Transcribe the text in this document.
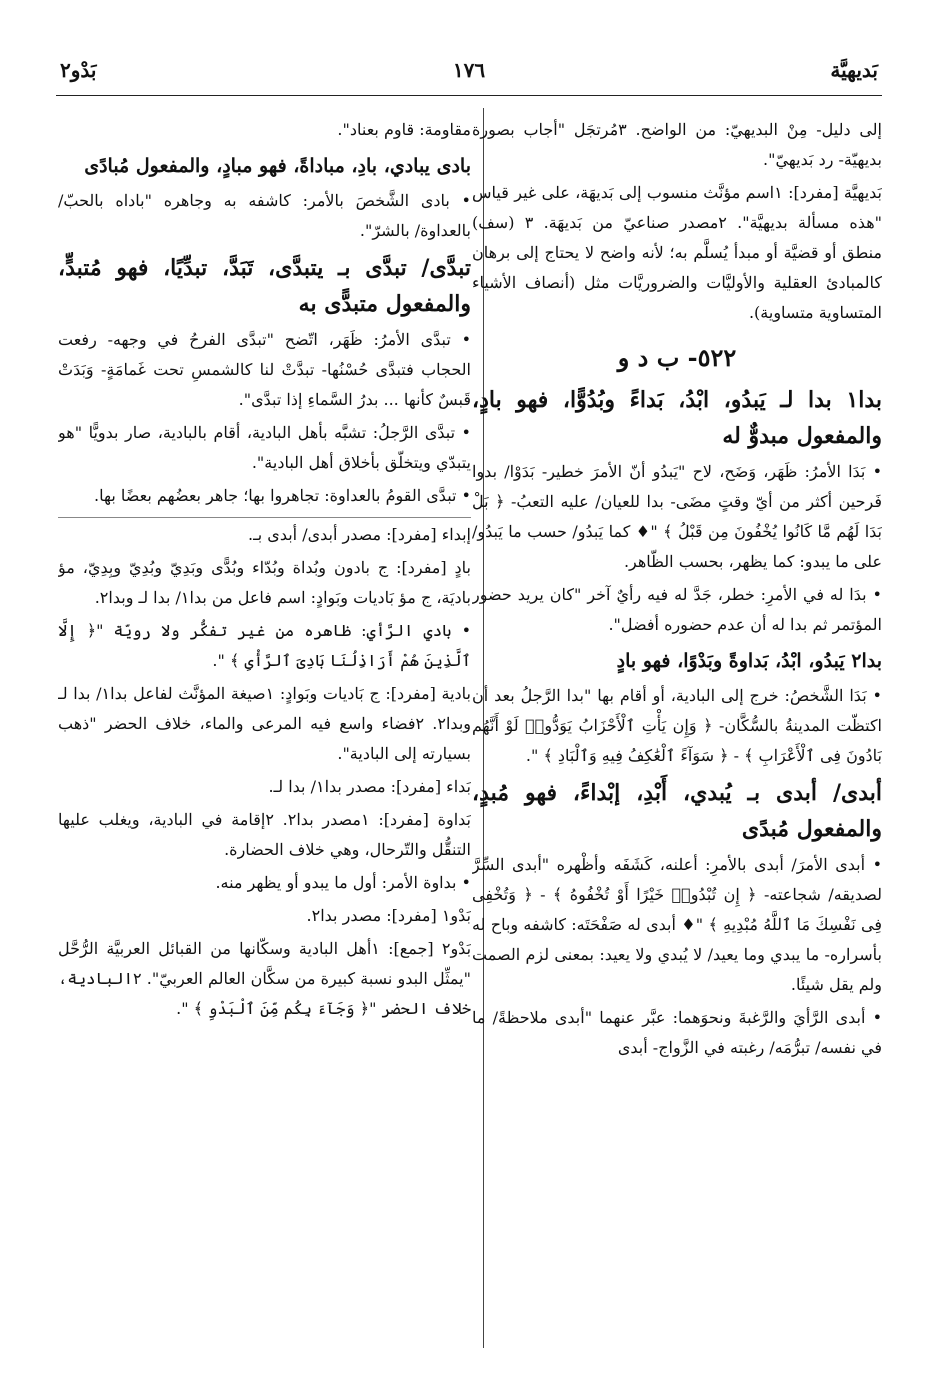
بَديهيَّة
١٧٦
بَدْو٢

إلى دليل- مِنْ البديهيّ: من الواضح. ٣مُرتجَل "أجاب بصورة بديهيّة- رد بَديهيّ".

بَديهيَّة [مفرد]: ١اسم مؤنَّث منسوب إلى بَديهَة، على غير قياس "هذه مسألة بديهيَّة". ٢مصدر صناعيّ من بَديهَة. ٣ (سف) منطق أو قضيَّة أو مبدأ يُسلَّم به؛ لأنه واضح لا يحتاج إلى برهان كالمبادئ العقلية والأوليَّات والضروريَّات مثل (أنصاف الأشياء المتساوية متساوية).

٥٢٢- ب د و

بدا١ بدا لـ يَبدُو، ابْدُ، بَداءً وبُدُوًّا، فهو بادٍ، والمفعول مبدوٌّ له

• بَدَا الأمرُ: ظَهَر، وَضَح، لاح "يَبدُو أنّ الأمرَ خطير- بَدَوْا/ بدوا فَرحين أكثر من أيّ وقتٍ مضَى- بدا للعيان/ عليه التعبُ- ﴿ بَلْ بَدَا لَهُم مَّا كَانُوا يُخْفُونَ مِن قَبْلُ ﴾ "♦ كما يَبدُو/ حسب ما يَبدُو/ على ما يبدو: كما يظهر، بحسب الظّاهر.

• بدَا له في الأمرِ: خطر، جَدَّ له فيه رأيٌ آخر "كان يريد حضور المؤتمر ثم بدا له أن عدم حضوره أفضل".

بدا٢ يَبدُو، ابْدُ، بَداوةً وبَدْوًا، فهو بادٍ

• بَدَا الشَّخصُ: خرج إلى البادية، أو أقام بها "بدا الرَّجلُ بعد أن اكتظّت المدينةُ بالسُّكَّان- ﴿ وَإِن يَأْتِ ٱلْأَحْزَابُ يَوَدُّوا۟ لَوْ أَنَّهُم بَادُونَ فِى ٱلْأَعْرَابِ ﴾ - ﴿ سَوَآءً ٱلْعَٰكِفُ فِيهِ وَٱلْبَادِ ﴾ ".

أبدى/ أبدى بـ يُبدي، أَبْدِ، إبْداءً، فهو مُبدٍ، والمفعول مُبدًى

• أبدى الأمرَ/ أبدى بالأمرِ: أعلنه، كَشَفَه وأظْهره "أبدى السِّرَّ لصديقه/ شجاعته- ﴿ إِن تُبْدُوا۟ خَيْرًا أَوْ تُخْفُوهُ ﴾ - ﴿ وَتُخْفِى فِى نَفْسِكَ مَا ٱللَّهُ مُبْدِيهِ ﴾ "♦ أبدى له صَفْحَتَه: كاشفه وباح له بأسراره- ما يبدي وما يعيد/ لا يُبدي ولا يعيد: بمعنى لزم الصمت ولم يقل شيئًا.

• أبدى الرَّأيَ والرَّغبةَ ونحوَهما: عبَّر عنهما "أبدى ملاحظةً/ ما في نفسه/ تبرُّمَه/ رغبته في الزَّواج- أبدى

مقاومة: قاوم بعناد".

بادى يبادي، بادِ، مباداةً، فهو مبادٍ، والمفعول مُبادًى

• بادى الشَّخصَ بالأمر: كاشفه به وجاهره "باداه بالحبّ/ بالعداوة/ بالشرّ".

تبدَّى/ تبدَّى بـ يتبدَّى، تَبَدَّ، تبدِّيًا، فهو مُتبدٍّ، والمفعول متبدًّى به

• تبدَّى الأمرُ: ظَهَر، اتّضح "تبدَّى الفرحُ في وجهه- رفعت الحجاب فتبدَّى حُسْنُها- تبدَّتْ لنا كالشمسِ تحت غَمامَةٍ- وَبَدَتْ قَبسٌ كأنها ... بدرُ السَّماءِ إذا تبدَّى".

• تبدَّى الرَّجلُ: تشبَّه بأهل البادية، أقام بالبادية، صار بدويًّا "هو يتبدّي ويتخلّق بأخلاق أهل البادية".

• تبدَّى القومُ بالعداوة: تجاهروا بها؛ جاهر بعضُهم بعضًا بها.

إبداء [مفرد]: مصدر أبدى/ أبدى بـ.

بادٍ [مفرد]: ج بادون وبُداة وبُدّاء وبُدًّى وبَدِيّ وبُدِيّ وبِدِيّ، مؤ باديَة، ج مؤ بَاديات وبَوادٍ: اسم فاعل من بدا١/ بدا لـ وبدا٢.

• بادي الرَّأي: ظاهره من غير تفكُّر ولا رويّة "﴿ إِلَّا ٱلَّذِينَ هُمْ أَرَاذِلُنَا بَادِىَ ٱلرَّأْىِ ﴾ ".

بادية [مفرد]: ج بَاديات وبَوادٍ: ١صيغة المؤنَّث لفاعل بدا١/ بدا لـ وبدا٢. ٢فضاء واسع فيه المرعى والماء، خلاف الحضر "ذهب بسيارته إلى البادية".

بَداء [مفرد]: مصدر بدا١/ بدا لـ.

بَداوة [مفرد]: ١مصدر بدا٢. ٢إقامة في البادية، ويغلب عليها التنقُّل والتّرحال، وهي خلاف الحضارة.

• بداوة الأمر: أول ما يبدو أو يظهر منه.

بَدْو١ [مفرد]: مصدر بدا٢.

بَدْو٢ [جمع]: ١أهل البادية وسكّانها من القبائل العربيَّة الرُّحَّل "يمثِّل البدو نسبة كبيرة من سكَّان العالم العربيّ". ٢البادية، خلاف الحضر "﴿ وَجَآءَ بِكُم مِّنَ ٱلْبَدْوِ ﴾ ".
